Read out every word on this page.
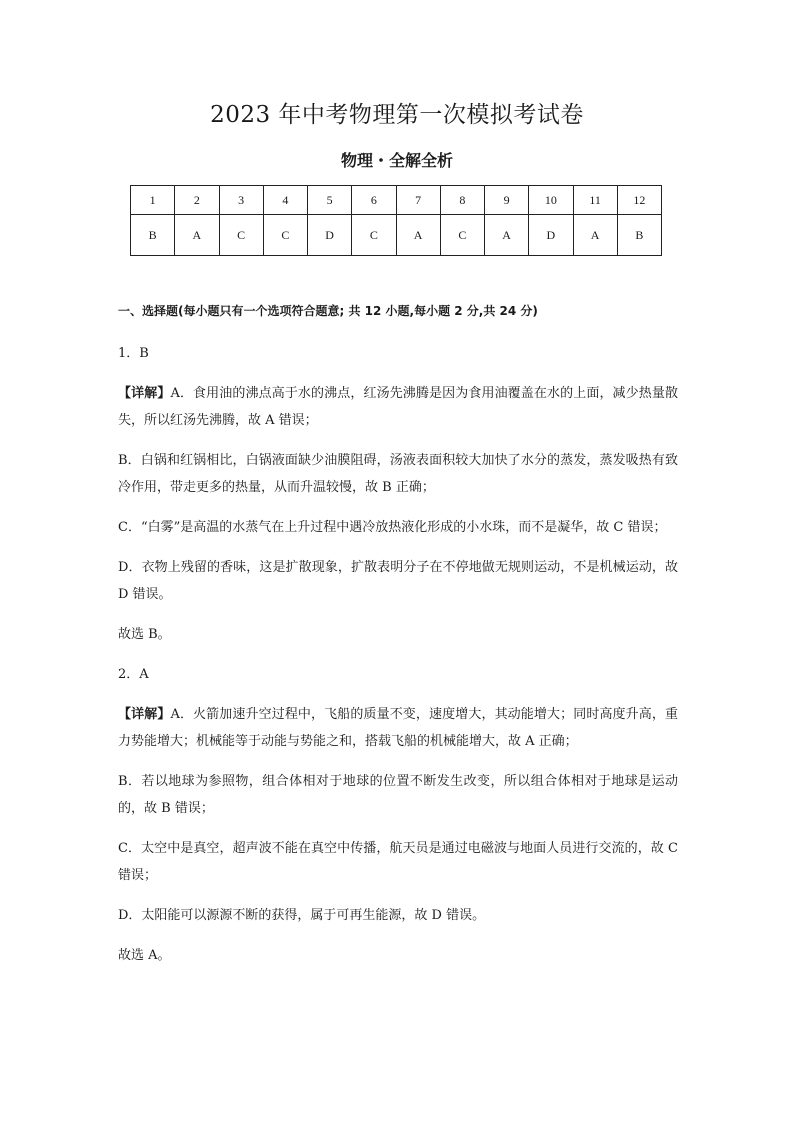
2023 年中考物理第一次模拟考试卷
物理・全解全析
1	2	3	4	5	6	7	8	9	10	11	12
B	A	C	C	D	C	A	C	A	D	A	B
一、选择题(每小题只有一个选项符合题意; 共 12 小题,每小题 2 分,共 24 分)
1．B
【详解】A．食用油的沸点高于水的沸点，红汤先沸腾是因为食用油覆盖在水的上面，减少热量散失，所以红汤先沸腾，故 A 错误；
B．白锅和红锅相比，白锅液面缺少油膜阻碍，汤液表面积较大加快了水分的蒸发，蒸发吸热有致冷作用，带走更多的热量，从而升温较慢，故 B 正确；
C．“白雾”是高温的水蒸气在上升过程中遇冷放热液化形成的小水珠，而不是凝华，故 C 错误；
D．衣物上残留的香味，这是扩散现象，扩散表明分子在不停地做无规则运动，不是机械运动，故 D 错误。
故选 B。
2．A
【详解】A．火箭加速升空过程中，飞船的质量不变，速度增大，其动能增大；同时高度升高，重力势能增大；机械能等于动能与势能之和，搭载飞船的机械能增大，故 A 正确；
B．若以地球为参照物，组合体相对于地球的位置不断发生改变，所以组合体相对于地球是运动的，故 B 错误；
C．太空中是真空，超声波不能在真空中传播，航天员是通过电磁波与地面人员进行交流的，故 C 错误；
D．太阳能可以源源不断的获得，属于可再生能源，故 D 错误。
故选 A。
